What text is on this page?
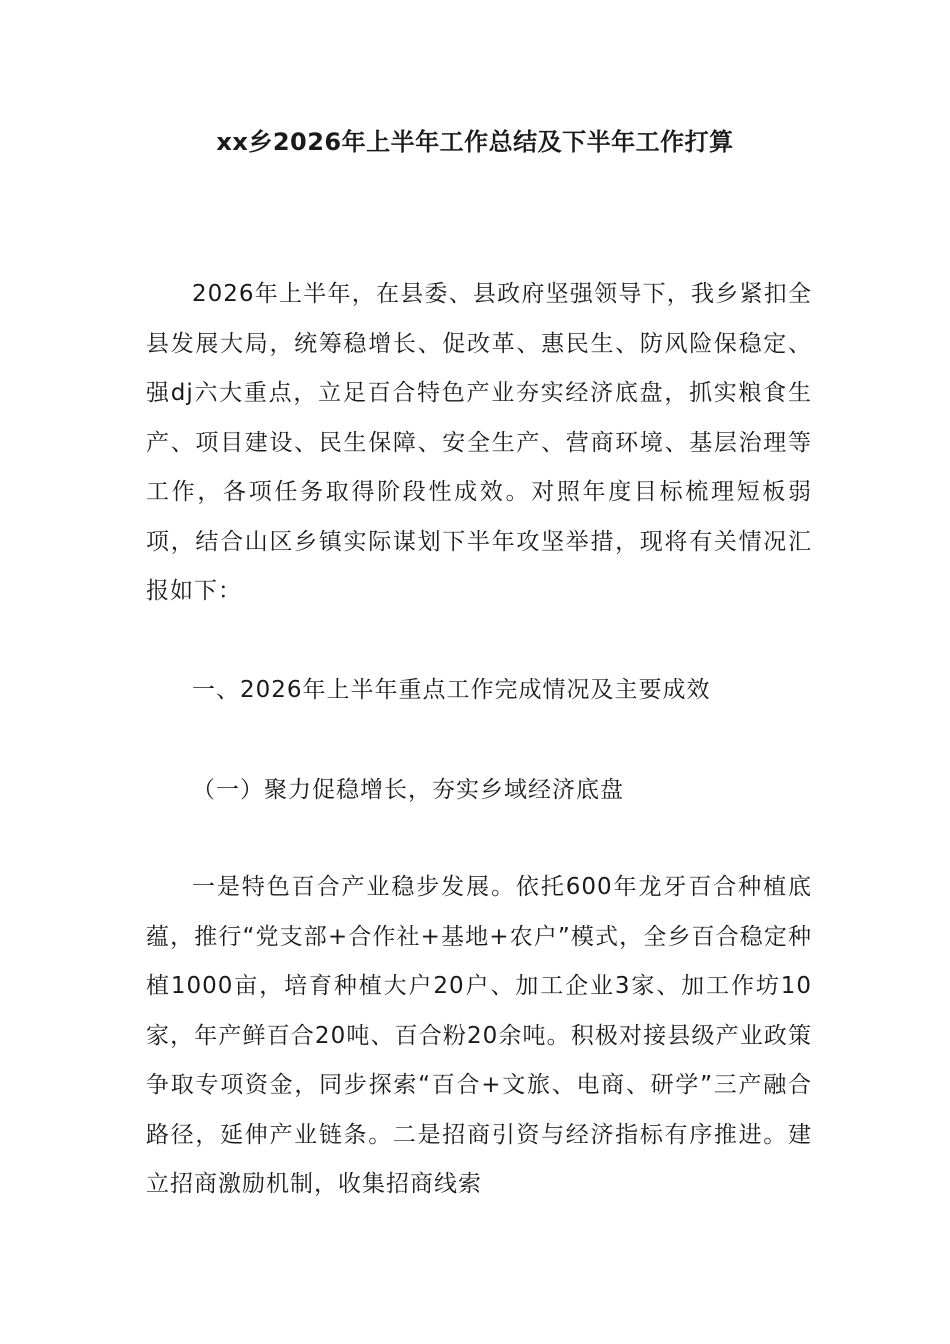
xx乡2026年上半年工作总结及下半年工作打算

2026年上半年，在县委、县政府坚强领导下，我乡紧扣全县发展大局，统筹稳增长、促改革、惠民生、防风险保稳定、强dj六大重点，立足百合特色产业夯实经济底盘，抓实粮食生产、项目建设、民生保障、安全生产、营商环境、基层治理等工作，各项任务取得阶段性成效。对照年度目标梳理短板弱项，结合山区乡镇实际谋划下半年攻坚举措，现将有关情况汇报如下：

一、2026年上半年重点工作完成情况及主要成效

（一）聚力促稳增长，夯实乡域经济底盘

一是特色百合产业稳步发展。依托600年龙牙百合种植底蕴，推行“党支部+合作社+基地+农户”模式，全乡百合稳定种植1000亩，培育种植大户20户、加工企业3家、加工作坊10家，年产鲜百合20吨、百合粉20余吨。积极对接县级产业政策争取专项资金，同步探索“百合+文旅、电商、研学”三产融合路径，延伸产业链条。二是招商引资与经济指标有序推进。建立招商激励机制，收集招商线索
